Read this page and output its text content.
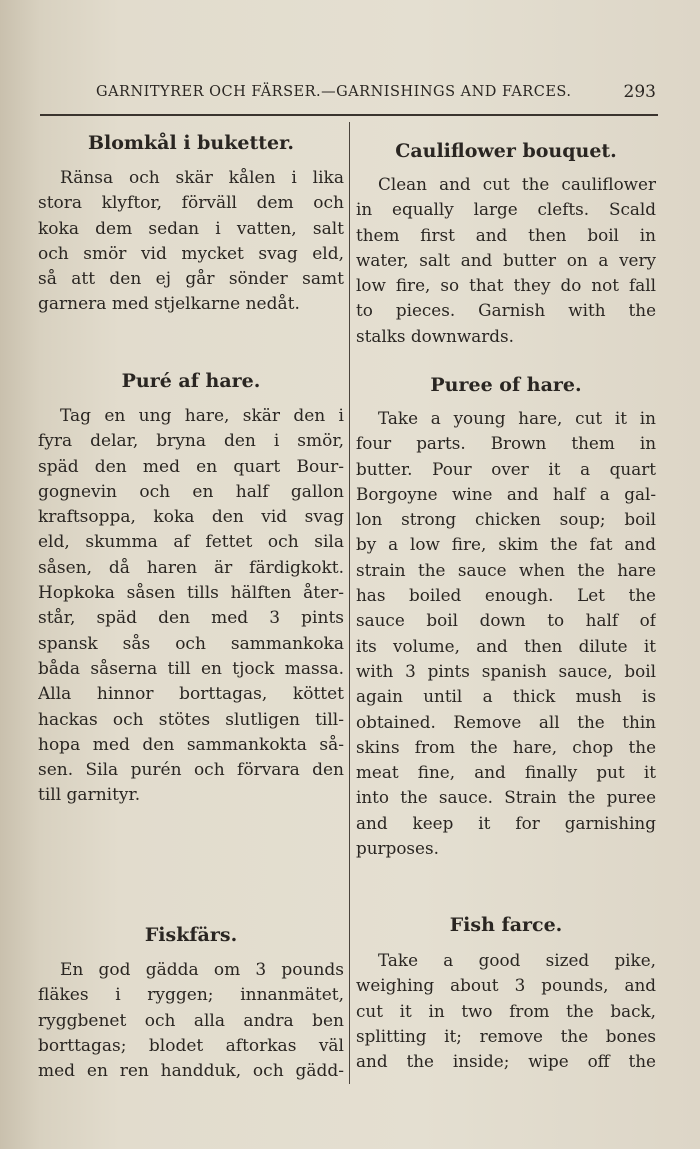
GARNITYRER OCH FÄRSER.—GARNISHINGS AND FARCES.	293
Blomkål i buketter.
Ränsa och skär kålen i lika
stora klyftor, förväll dem och
koka dem sedan i vatten, salt
och smör vid mycket svag eld,
så att den ej går sönder samt
garnera med stjelkarne nedåt.
Puré af hare.
Tag en ung hare, skär den i
fyra delar, bryna den i smör,
späd den med en quart Bour-
gognevin och en half gallon
kraftsoppa, koka den vid svag
eld, skumma af fettet och sila
såsen, då haren är färdigkokt.
Hopkoka såsen tills hälften åter-
står, späd den med 3 pints
spansk sås och sammankoka
båda såserna till en tjock massa.
Alla hinnor borttagas, köttet
hackas och stötes slutligen till-
hopa med den sammankokta så-
sen. Sila purén och förvara den
till garnityr.
Fiskfärs.
En god gädda om 3 pounds
fläkes i ryggen; innanmätet,
ryggbenet och alla andra ben
borttagas; blodet aftorkas väl
med en ren handduk, och gädd-
Cauliflower bouquet.
Clean and cut the cauliflower
in equally large clefts. Scald
them first and then boil in
water, salt and butter on a very
low fire, so that they do not fall
to pieces. Garnish with the
stalks downwards.
Puree of hare.
Take a young hare, cut it in
four parts. Brown them in
butter. Pour over it a quart
Borgoyne wine and half a gal-
lon strong chicken soup; boil
by a low fire, skim the fat and
strain the sauce when the hare
has boiled enough. Let the
sauce boil down to half of
its volume, and then dilute it
with 3 pints spanish sauce, boil
again until a thick mush is
obtained. Remove all the thin
skins from the hare, chop the
meat fine, and finally put it
into the sauce. Strain the puree
and keep it for garnishing
purposes.
Fish farce.
Take a good sized pike,
weighing about 3 pounds, and
cut it in two from the back,
splitting it; remove the bones
and the inside; wipe off the
